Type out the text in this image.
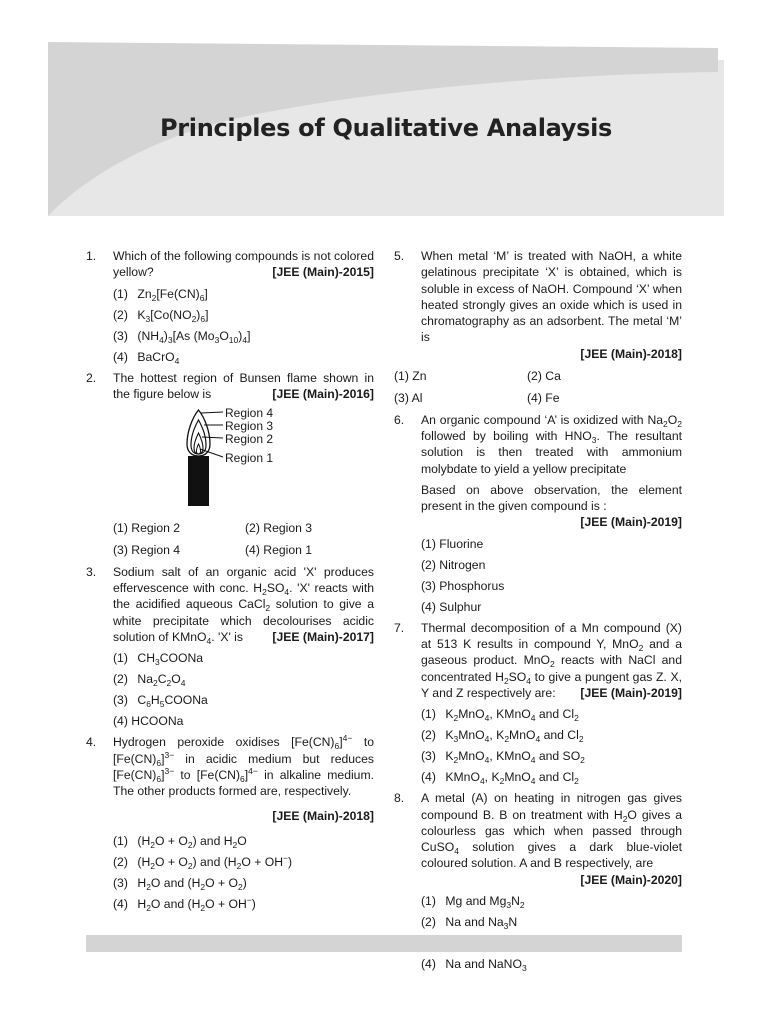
Principles of Qualitative Analaysis
1. Which of the following compounds is not colored yellow?	[JEE (Main)-2015]
(1) $Zn_2[Fe(CN)_6]$
(2) $K_3[Co(NO_2)_6]$
(3) $(NH_4)_3[As$ $(Mo_3O_{10})_4$]
(4) BaCrO$_4$
2. The hottest region of Bunsen flame shown in the figure below is	[JEE (Main)-2016]
Region 4
Region 3
Region 2
Region 1
(1) Region 2	(2) Region 3
(3) Region 4	(4) Region 1
3. Sodium salt of an organic acid 'X' produces effervescence with conc. $H_2SO_4$. 'X' reacts with the acidified aqueous CaCl$_2$ solution to give a white precipitate which decolourises acidic solution of KMnO$_4$. 'X' is	[JEE (Main)-2017]
(1) $CH_3COONa$
(2) $Na_2C_2O_4$
(3) $C_6H_5COONa$
(4) HCOONa
4. Hydrogen peroxide oxidises $[Fe(CN)_6]^{4-}$ to $[Fe(CN)_6]^{3-}$ in acidic medium but reduces $[Fe(CN)_6]^{3-}$ to $[Fe(CN)_6]^{4-}$ in alkaline medium. The other products formed are, respectively.
[JEE (Main)-2018]
(1) $(H_2O + O_2)$ and $H_2O$
(2) $(H_2O + O_2)$ and $(H_2O + OH^-)$
(3) $H_2O$ and $(H_2O + O_2)$
(4) $H_2O$ and $(H_2O + OH^-)$
5. When metal ‘M’ is treated with NaOH, a white gelatinous precipitate ‘X’ is obtained, which is soluble in excess of NaOH. Compound ‘X’ when heated strongly gives an oxide which is used in chromatography as an adsorbent. The metal ‘M’ is
[JEE (Main)-2018]
(1) Zn	(2) Ca
(3) Al	(4) Fe
6. An organic compound ‘A’ is oxidized with $Na_2O_2$ followed by boiling with $HNO_3$. The resultant solution is then treated with ammonium molybdate to yield a yellow precipitate
Based on above observation, the element present in the given compound is :
[JEE (Main)-2019]
(1) Fluorine
(2) Nitrogen
(3) Phosphorus
(4) Sulphur
7. Thermal decomposition of a Mn compound (X) at 513 K results in compound Y, MnO$_2$ and a gaseous product. MnO$_2$ reacts with NaCl and concentrated $H_2SO_4$ to give a pungent gas Z. X, Y and Z respectively are:	[JEE (Main)-2019]
(1) $K_2MnO_4$, KMnO$_4$ and $Cl_2$
(2) $K_3MnO_4$, $K_2MnO_4$ and $Cl_2$
(3) $K_2MnO_4$, KMnO$_4$ and $SO_2$
(4) KMnO$_4$, $K_2MnO_4$ and $Cl_2$
8. A metal (A) on heating in nitrogen gas gives compound B. B on treatment with $H_2O$ gives a colourless gas which when passed through CuSO$_4$ solution gives a dark blue-violet coloured solution. A and B respectively, are
[JEE (Main)-2020]
(1) Mg and $Mg_3N_2$
(2) Na and $Na_3N$
(4) Na and NaNO$_3$
